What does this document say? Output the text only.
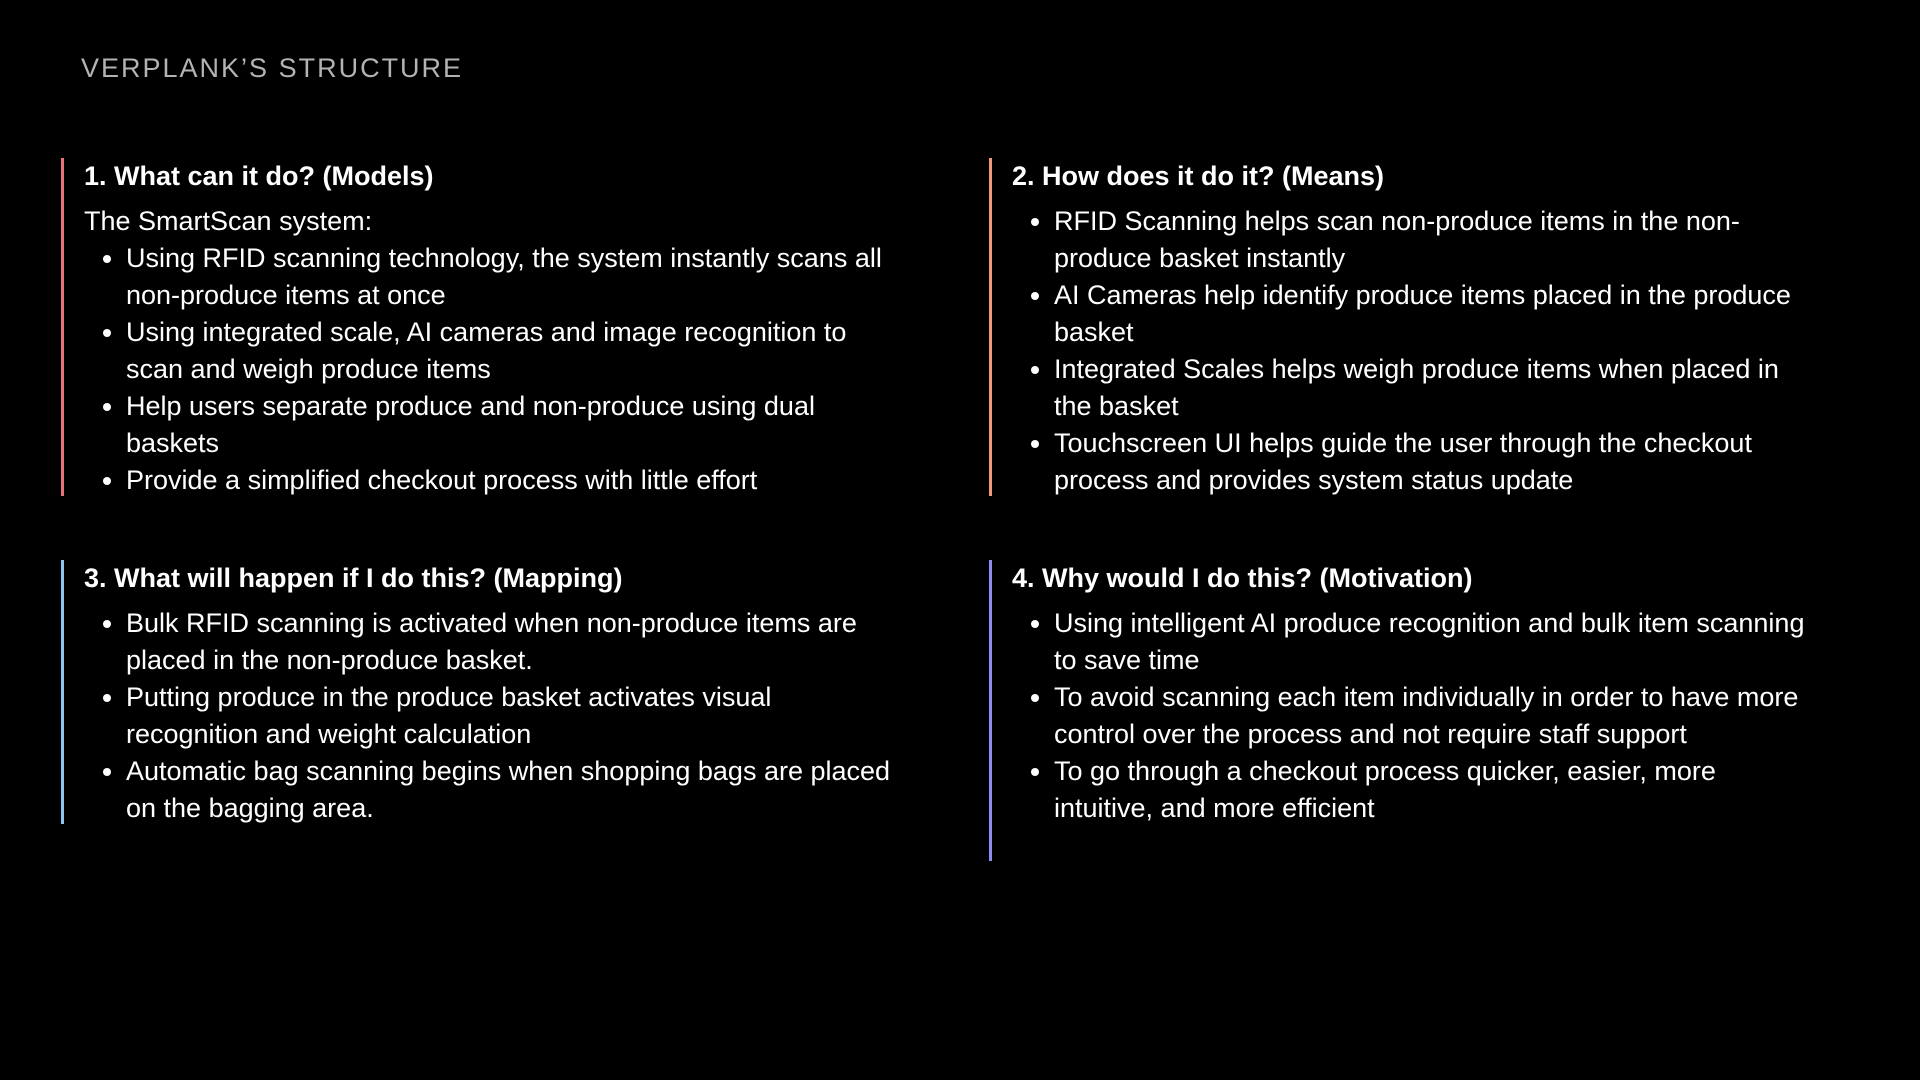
VERPLANK’S STRUCTURE
1. What can it do? (Models)

The SmartScan system:

• Using RFID scanning technology, the system instantly scans all non-produce items at once
• Using integrated scale, AI cameras and image recognition to scan and weigh produce items
• Help users separate produce and non-produce using dual baskets
• Provide a simplified checkout process with little effort
2. How does it do it? (Means)
• RFID Scanning helps scan non-produce items in the non-produce basket instantly
• AI Cameras help identify produce items placed in the produce basket
• Integrated Scales helps weigh produce items when placed in the basket
• Touchscreen UI helps guide the user through the checkout process and provides system status update
3. What will happen if I do this? (Mapping)
• Bulk RFID scanning is activated when non-produce items are placed in the non-produce basket.
• Putting produce in the produce basket activates visual recognition and weight calculation
• Automatic bag scanning begins when shopping bags are placed on the bagging area.
4. Why would I do this? (Motivation)
• Using intelligent AI produce recognition and bulk item scanning to save time
• To avoid scanning each item individually in order to have more control over the process and not require staff support
• To go through a checkout process quicker, easier, more intuitive, and more efficient
